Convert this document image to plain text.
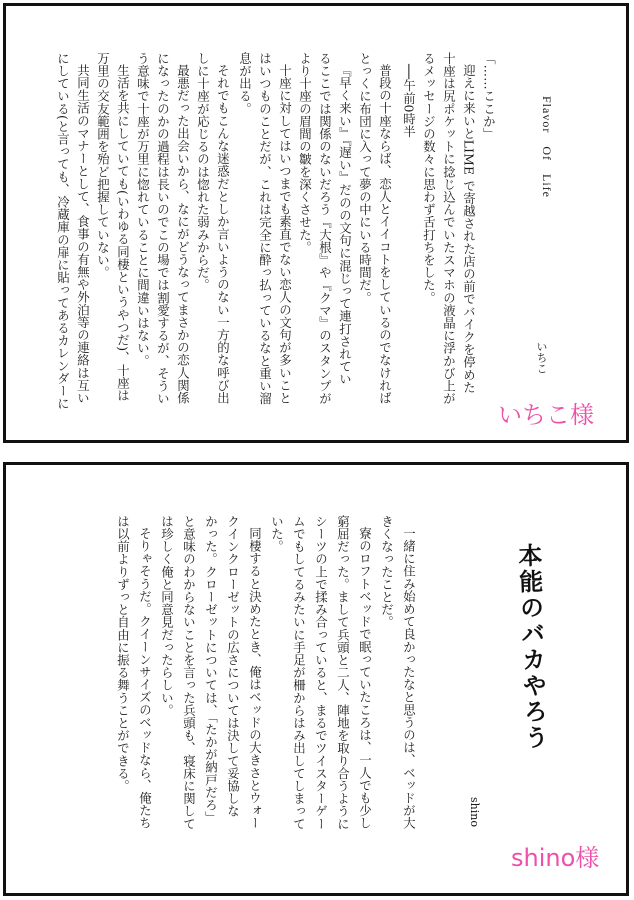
Flavor　Of　Life
いちこ
「……ここか」
迎えに来いとLIME で寄越された店の前でバイクを停めた
十座は尻ポケットに捻じ込んでいたスマホの液晶に浮かび上が
るメッセージの数々に思わず舌打ちをした。
──午前0時半
普段の十座ならば、恋人とイイコトをしているのでなければ
とっくに布団に入って夢の中にいる時間だ。
『早く来い』『遅い』だのの文句に混じって連打されてい
るここでは関係のないだろう『大根』や『クマ』のスタンプが
より十座の眉間の皺を深くさせた。
十座に対してはいつまでも素直でない恋人の文句が多いこと
はいつものことだが、これは完全に酔っ払っているなと重い溜
息が出る。
それでもこんな迷惑だとしか言いようのない一方的な呼び出
しに十座が応じるのは惚れた弱みからだ。
最悪だった出会いから、なにがどうなってまさかの恋人関係
になったのかの過程は長いのでこの場では割愛するが、そうい
う意味で十座が万里に惚れていることに間違いはない。
生活を共にしていても(いわゆる同棲というやつだ)、十座は
万里の交友範囲を殆ど把握していない。
共同生活のマナーとして、食事の有無や外泊等の連絡は互い
にしている(と言っても、冷蔵庫の扉に貼ってあるカレンダーに
いちこ様
本能のバカやろう
shino
一緒に住み始めて良かったなと思うのは、ベッドが大
きくなったことだ。
寮のロフトベッドで眠っていたころは、一人でも少し
窮屈だった。まして兵頭と二人、陣地を取り合うように
シーツの上で揉み合っていると、まるでツイスターゲー
ムでもしてるみたいに手足が柵からはみ出してしまって
いた。
同棲すると決めたとき、俺はベッドの大きさとウォー
クインクローゼットの広さについては決して妥協しな
かった。クローゼットについては、「たかが納戸だろ」
と意味のわからないことを言った兵頭も、寝床に関して
は珍しく俺と同意見だったらしい。
そりゃそうだ。クイーンサイズのベッドなら、俺たち
は以前よりずっと自由に振る舞うことができる。
shino様
